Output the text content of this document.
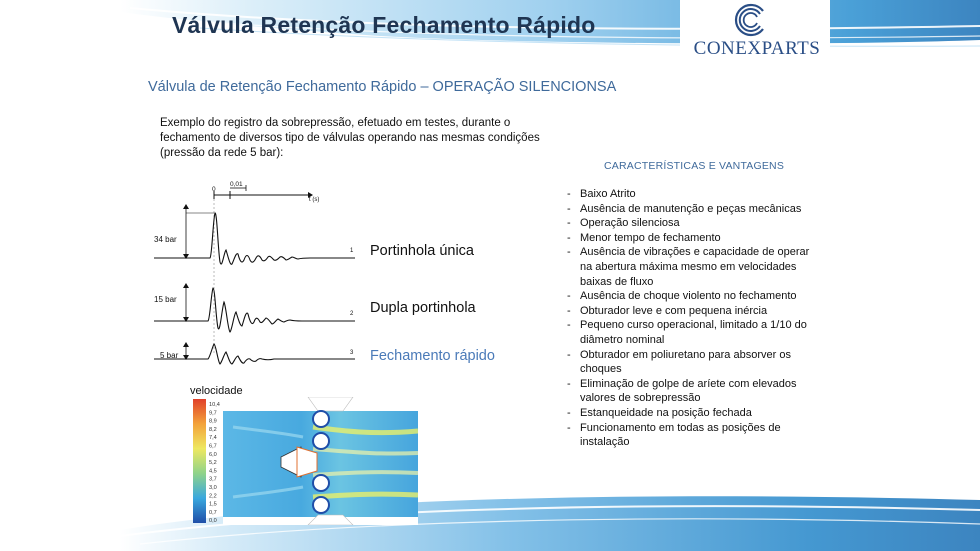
Válvula Retenção Fechamento Rápido
CONEXPARTS
Válvula de Retenção Fechamento Rápido – OPERAÇÃO SILENCIONSA
Exemplo do registro da sobrepressão, efetuado em testes, durante o fechamento de diversos tipo de válvulas operando nas mesmas condições (pressão da rede 5 bar):
0
0,01
t (s)
34 bar
1
15 bar
2
5 bar	3
Portinhola única
Dupla portinhola
Fechamento rápido
velocidade
10,4
9,7
8,9
8,2
7,4
6,7
6,0
5,2
4,5
3,7
3,0
2,2
1,5
0,7
0,0
CARACTERÍSTICAS E VANTAGENS
- Baixo Atrito
- Ausência de manutenção e peças mecânicas
- Operação silenciosa
- Menor tempo de fechamento
- Ausência de vibrações e capacidade de operar na abertura máxima mesmo em velocidades baixas de fluxo
- Ausência de choque violento no fechamento
- Obturador leve e com pequena inércia
- Pequeno curso operacional, limitado a 1/10 do diâmetro nominal
- Obturador em poliuretano para absorver os choques
- Eliminação de golpe de aríete com elevados valores de sobrepressão
- Estanqueidade na posição fechada
- Funcionamento em todas as posições de instalação
